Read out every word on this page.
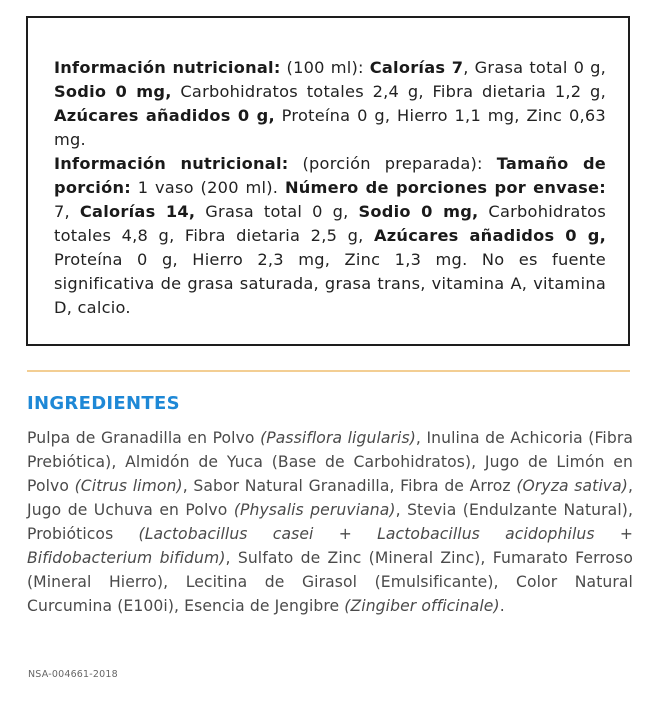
Información nutricional: (100 ml): Calorías 7, Grasa total 0 g, Sodio 0 mg, Carbohidratos totales 2,4 g, Fibra dietaria 1,2 g, Azúcares añadidos 0 g, Proteína 0 g, Hierro 1,1 mg, Zinc 0,63 mg.
Información nutricional: (porción preparada): Tamaño de porción: 1 vaso (200 ml). Número de porciones por envase: 7, Calorías 14, Grasa total 0 g, Sodio 0 mg, Carbohidratos totales 4,8 g, Fibra dietaria 2,5 g, Azúcares añadidos 0 g, Proteína 0 g, Hierro 2,3 mg, Zinc 1,3 mg. No es fuente significativa de grasa saturada, grasa trans, vitamina A, vitamina D, calcio.
INGREDIENTES
Pulpa de Granadilla en Polvo (Passiflora ligularis), Inulina de Achicoria (Fibra Prebiótica), Almidón de Yuca (Base de Carbohidratos), Jugo de Limón en Polvo (Citrus limon), Sabor Natural Granadilla, Fibra de Arroz (Oryza sativa), Jugo de Uchuva en Polvo (Physalis peruviana), Stevia (Endulzante Natural), Probióticos (Lactobacillus casei + Lactobacillus acidophilus + Bifidobacterium bifidum), Sulfato de Zinc (Mineral Zinc), Fumarato Ferroso (Mineral Hierro), Lecitina de Girasol (Emulsificante), Color Natural Curcumina (E100i), Esencia de Jengibre (Zingiber officinale).
NSA-004661-2018
